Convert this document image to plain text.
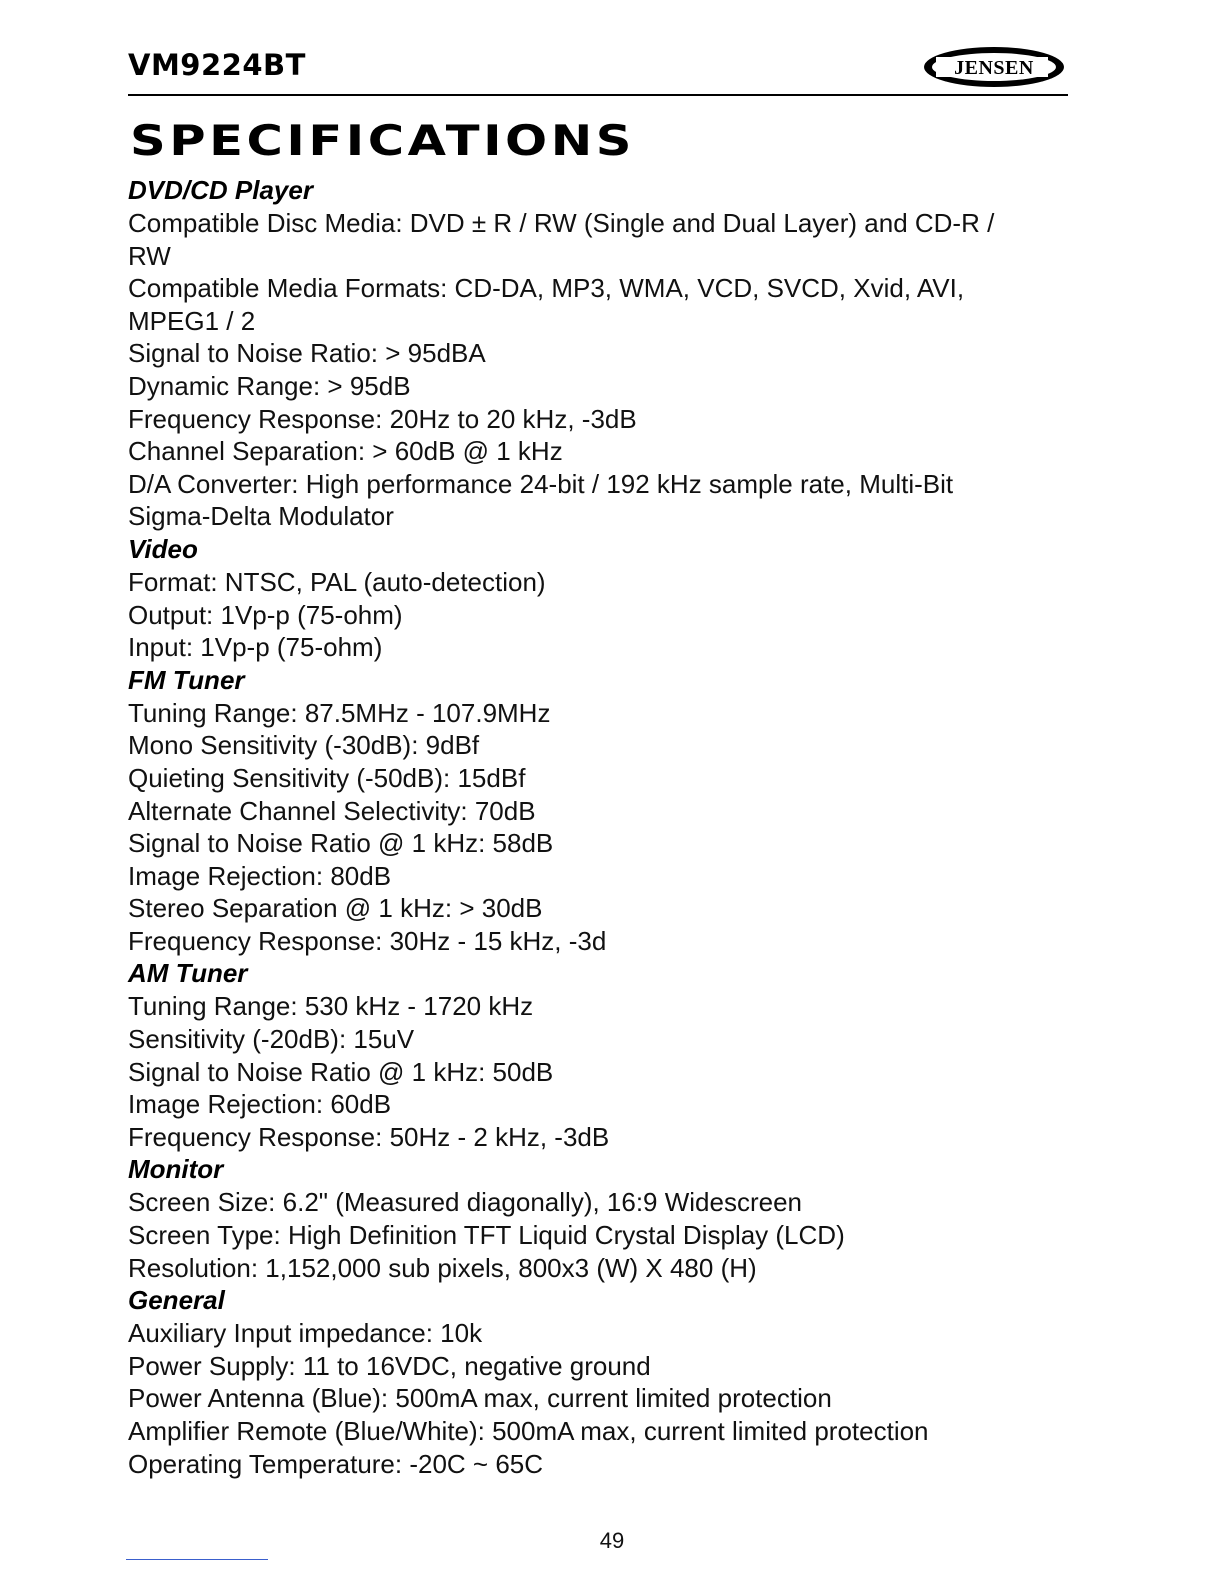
VM9224BT	JENSEN
SPECIFICATIONS
DVD/CD Player
Compatible Disc Media: DVD ± R / RW (Single and Dual Layer) and CD-R /
RW
Compatible Media Formats: CD-DA, MP3, WMA, VCD, SVCD, Xvid, AVI,
MPEG1 / 2
Signal to Noise Ratio: > 95dBA
Dynamic Range: > 95dB
Frequency Response: 20Hz to 20 kHz, -3dB
Channel Separation: > 60dB @ 1 kHz
D/A Converter: High performance 24-bit / 192 kHz sample rate, Multi-Bit
Sigma-Delta Modulator
Video
Format: NTSC, PAL (auto-detection)
Output: 1Vp-p (75-ohm)
Input: 1Vp-p (75-ohm)
FM Tuner
Tuning Range: 87.5MHz - 107.9MHz
Mono Sensitivity (-30dB): 9dBf
Quieting Sensitivity (-50dB): 15dBf
Alternate Channel Selectivity: 70dB
Signal to Noise Ratio @ 1 kHz: 58dB
Image Rejection: 80dB
Stereo Separation @ 1 kHz: > 30dB
Frequency Response: 30Hz - 15 kHz, -3d
AM Tuner
Tuning Range: 530 kHz - 1720 kHz
Sensitivity (-20dB): 15uV
Signal to Noise Ratio @ 1 kHz: 50dB
Image Rejection: 60dB
Frequency Response: 50Hz - 2 kHz, -3dB
Monitor
Screen Size: 6.2" (Measured diagonally), 16:9 Widescreen
Screen Type: High Definition TFT Liquid Crystal Display (LCD)
Resolution: 1,152,000 sub pixels, 800x3 (W) X 480 (H)
General
Auxiliary Input impedance: 10k
Power Supply: 11 to 16VDC, negative ground
Power Antenna (Blue): 500mA max, current limited protection
Amplifier Remote (Blue/White): 500mA max, current limited protection
Operating Temperature: -20C ~ 65C
49
